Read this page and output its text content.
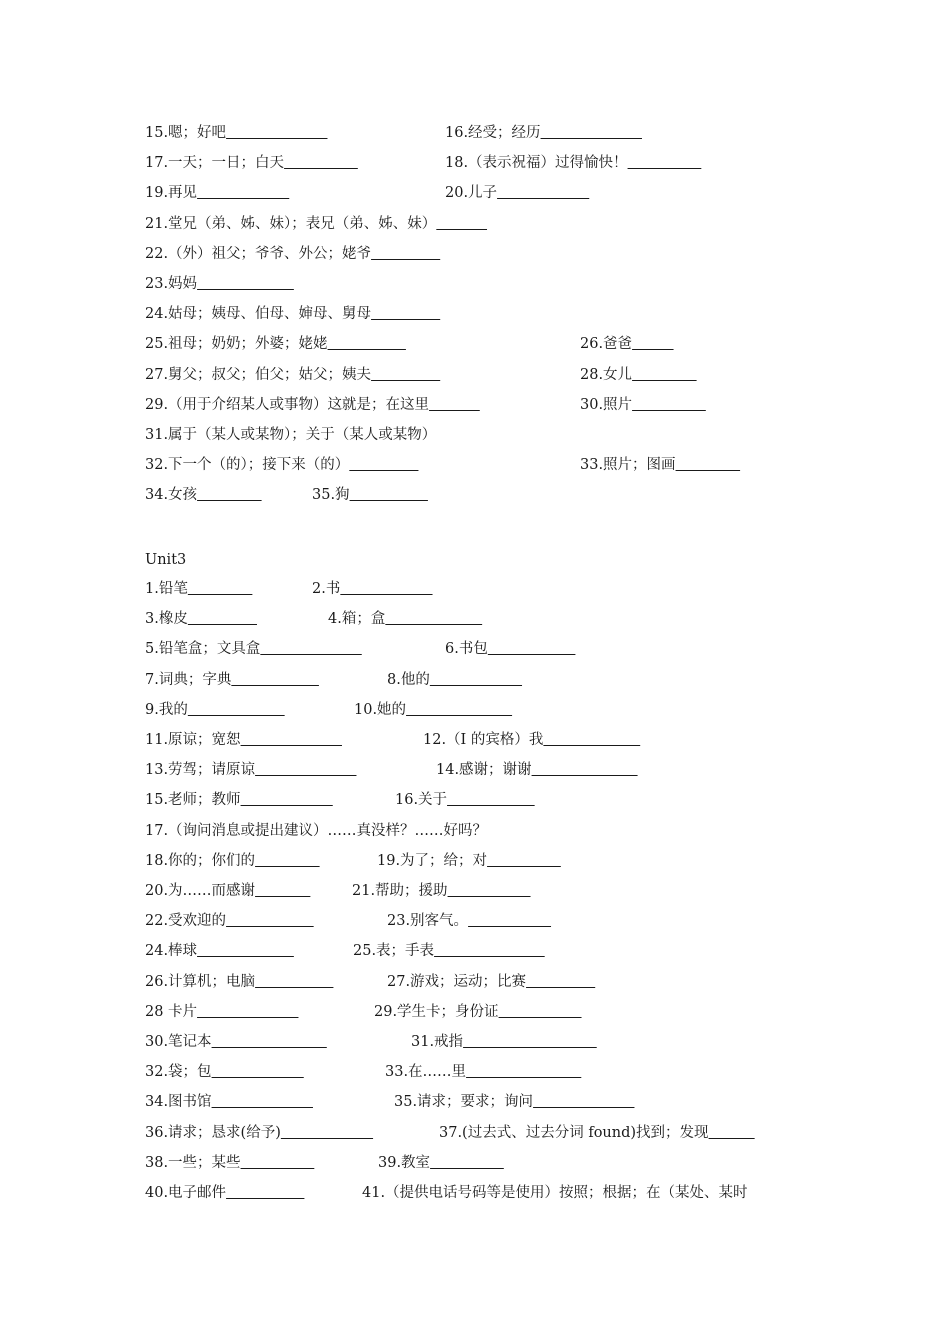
15.嗯；好吧	16.经受；经历
17.一天；一日；白天	18.（表示祝福）过得愉快！
19.再见	20.儿子
21.堂兄（弟、姊、妹）；表兄（弟、姊、妹）
22.（外）祖父；爷爷、外公；姥爷
23.妈妈
24.姑母；姨母、伯母、婶母、舅母
25.祖母；奶奶；外婆；姥姥	26.爸爸
27.舅父；叔父；伯父；姑父；姨夫	28.女儿
29.（用于介绍某人或事物）这就是；在这里	30.照片
31.属于（某人或某物）；关于（某人或某物）
32.下一个（的）；接下来（的）	33.照片；图画
34.女孩	35.狗
Unit3
1.铅笔	2.书
3.橡皮	4.箱；盒
5.铅笔盒；文具盒	6.书包
7.词典；字典	8.他的
9.我的	10.她的
11.原谅；宽恕	12.（I 的宾格）我
13.劳驾；请原谅	14.感谢；谢谢
15.老师；教师	16.关于
17.（询问消息或提出建议）……真没样？……好吗？
18.你的；你们的	19.为了；给；对
20.为……而感谢	21.帮助；援助
22.受欢迎的	23.别客气。
24.棒球	25.表；手表
26.计算机；电脑	27.游戏；运动；比赛
28 卡片	29.学生卡；身份证
30.笔记本	31.戒指
32.袋；包	33.在……里
34.图书馆	35.请求；要求；询问
36.请求；恳求(给予)	37.(过去式、过去分词 found)找到；发现
38.一些；某些	39.教室
40.电子邮件	41.（提供电话号码等是使用）按照；根据；在（某处、某时
